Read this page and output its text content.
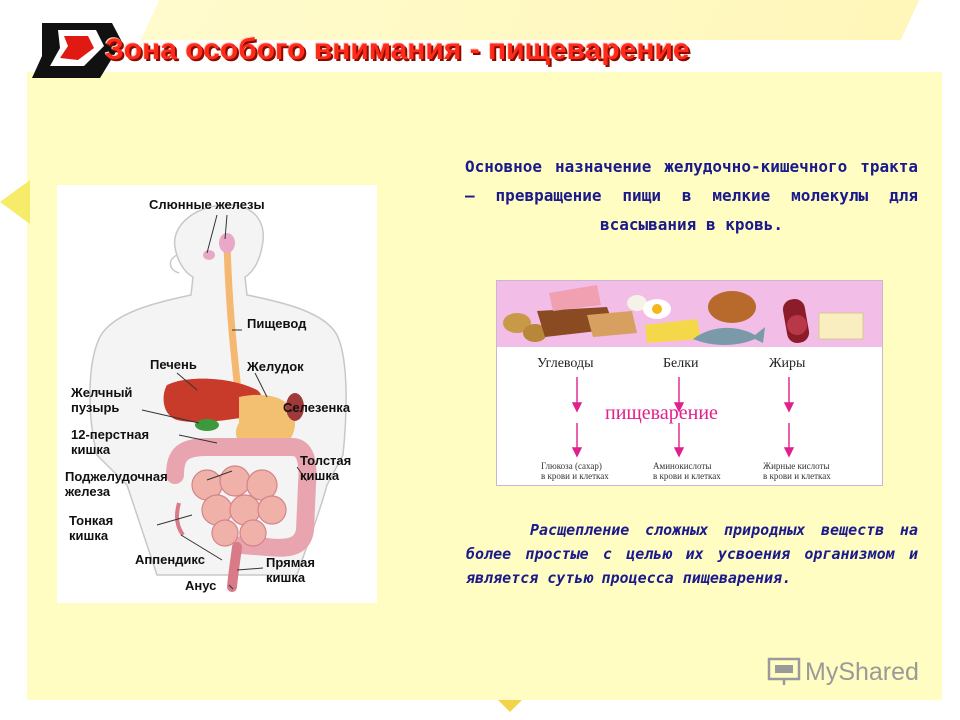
Зона особого внимания - пищеварение
Слюнные железы
Пищевод
Печень	Желудок
Желчный
пузырь	Селезенка
12-перстная
кишка
Толстая
кишка
Поджелудочная
железа
Тонкая
кишка
Аппендикс	Прямая
кишка
Анус

Основное назначение желудочно-кишечного тракта — превращение пищи в мелкие молекулы для всасывания в кровь.

Углеводы	Белки	Жиры
пищеварение
Глюкоза (сахар)
в крови и клетках
Аминокислоты
в крови и клетках
Жирные кислоты
в крови и клетках

Расщепление сложных природных веществ на более простые с целью их усвоения организмом и является сутью процесса пищеварения.

MyShared
